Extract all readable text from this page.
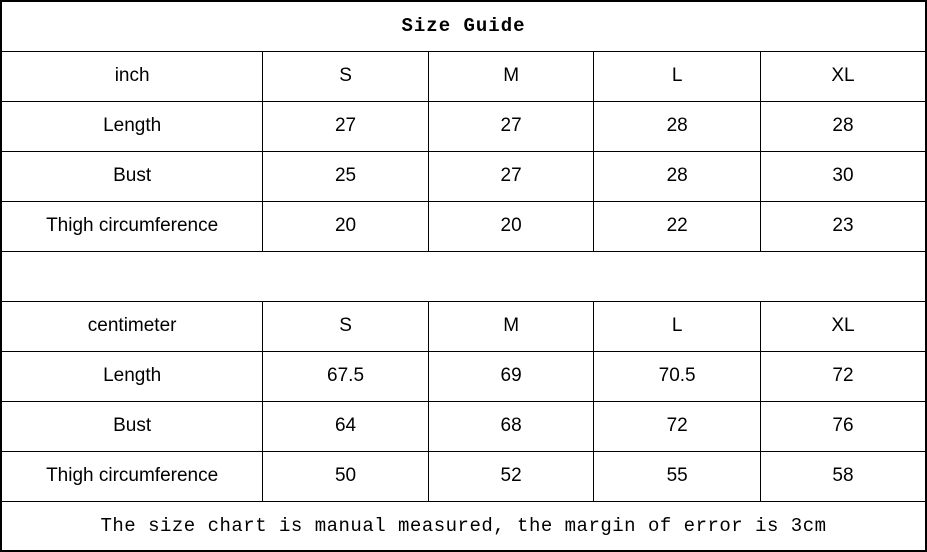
Size Guide				
inch	S	M	L	XL
Length	27	27	28	28
Bust	25	27	28	30
Thigh circumference	20	20	22	23

centimeter	S	M	L	XL
Length	67.5	69	70.5	72
Bust	64	68	72	76
Thigh circumference	50	52	55	58
The size chart is manual measured, the margin of error is 3cm				
